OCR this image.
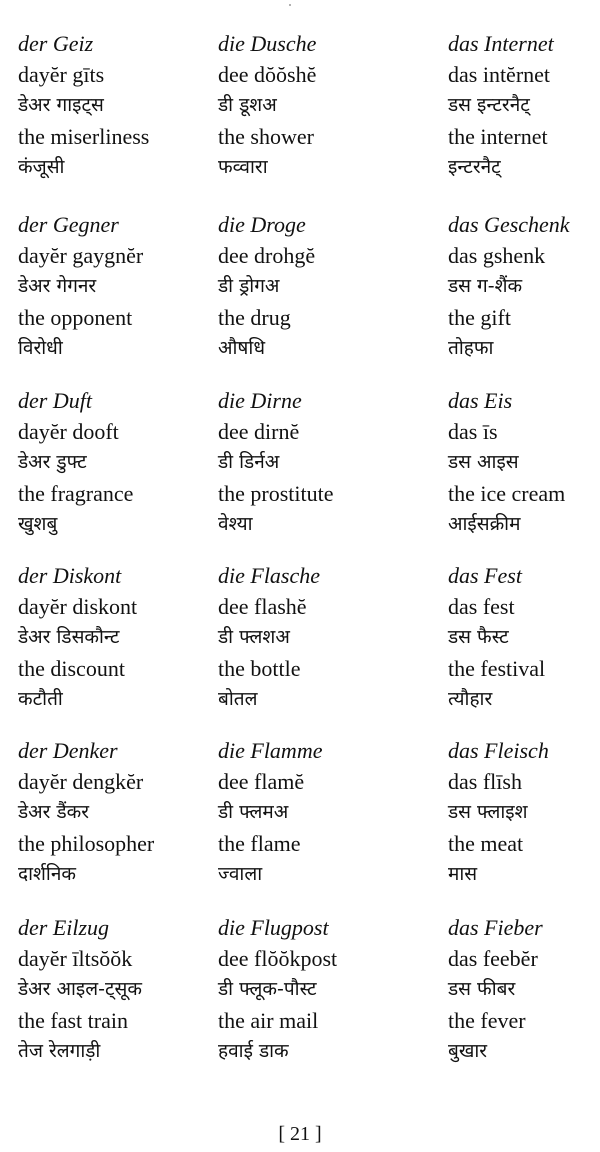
der Geiz
dayĕr gīts
डेअर गाइट्स
the miserliness
कंजूसी
der Gegner
dayĕr gaygnĕr
डेअर गेगनर
the opponent
विरोधी
der Duft
dayĕr dooft
डेअर डुफ्ट
the fragrance
खुशबु
der Diskont
dayĕr diskont
डेअर डिसकौन्ट
the discount
कटौती
der Denker
dayĕr dengkĕr
डेअर डैंकर
the philosopher
दार्शनिक
der Eilzug
dayĕr īltsŏŏk
डेअर आइल-ट्सूक
the fast train
तेज रेलगाड़ी
die Dusche
dee dŏŏshĕ
डी डूशअ
the shower
फव्वारा
die Droge
dee drohgĕ
डी ड्रोगअ
the drug
औषधि
die Dirne
dee dirnĕ
डी डिर्नअ
the prostitute
वेश्या
die Flasche
dee flashĕ
डी फ्लशअ
the bottle
बोतल
die Flamme
dee flamĕ
डी फ्लमअ
the flame
ज्वाला
die Flugpost
dee flŏŏkpost
डी फ्लूक-पौस्ट
the air mail
हवाई डाक
das Internet
das intĕrnet
डस इन्टरनैट्
the internet
इन्टरनैट्
das Geschenk
das gshenk
डस ग-शैंक
the gift
तोहफा
das Eis
das īs
डस आइस
the ice cream
आईसक्रीम
das Fest
das fest
डस फैस्ट
the festival
त्यौहार
das Fleisch
das flīsh
डस फ्लाइश
the meat
मास
das Fieber
das feebĕr
डस फीबर
the fever
बुखार
[ 21 ]
